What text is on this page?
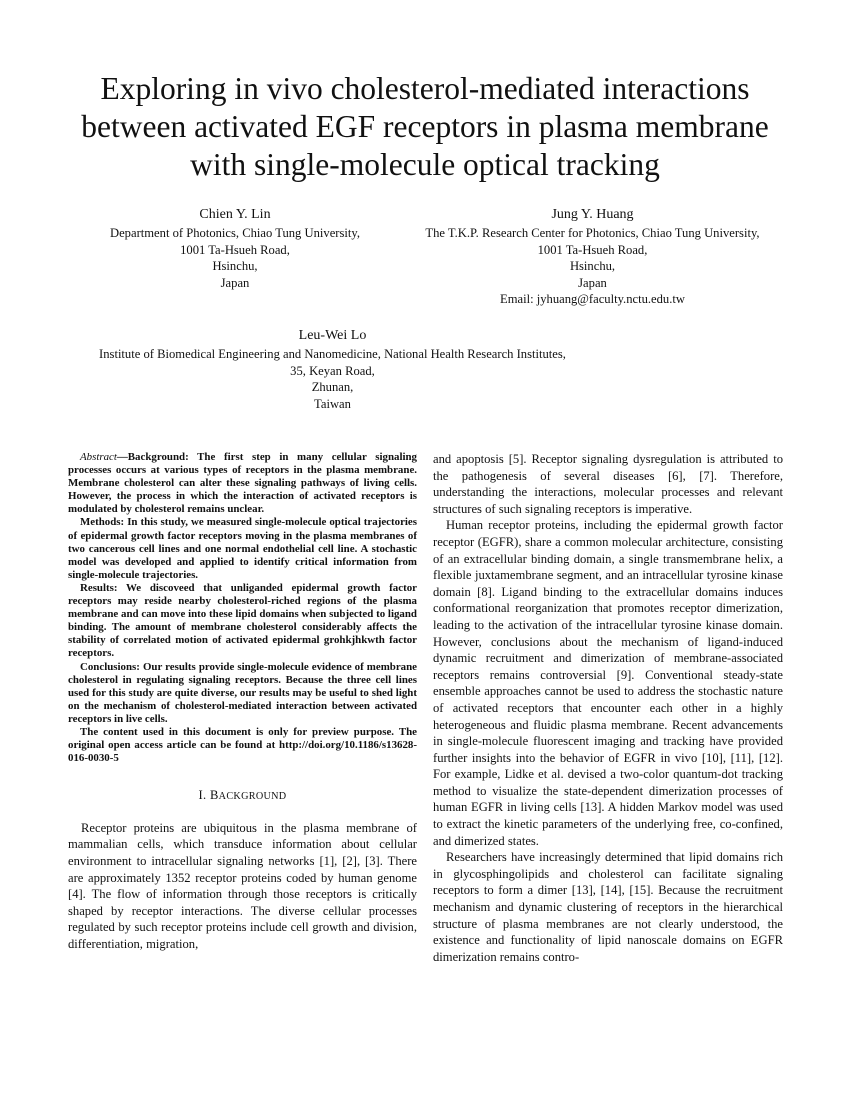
Exploring in vivo cholesterol-mediated interactions between activated EGF receptors in plasma membrane with single-molecule optical tracking
Chien Y. Lin
Department of Photonics, Chiao Tung University,
1001 Ta-Hsueh Road,
Hsinchu,
Japan
Jung Y. Huang
The T.K.P. Research Center for Photonics, Chiao Tung University,
1001 Ta-Hsueh Road,
Hsinchu,
Japan
Email: jyhuang@faculty.nctu.edu.tw
Leu-Wei Lo
Institute of Biomedical Engineering and Nanomedicine, National Health Research Institutes,
35, Keyan Road,
Zhunan,
Taiwan

Abstract—Background: The first step in many cellular signaling processes occurs at various types of receptors in the plasma membrane. Membrane cholesterol can alter these signaling pathways of living cells. However, the process in which the interaction of activated receptors is modulated by cholesterol remains unclear.

Methods: In this study, we measured single-molecule optical trajectories of epidermal growth factor receptors moving in the plasma membranes of two cancerous cell lines and one normal endothelial cell line. A stochastic model was developed and applied to identify critical information from single-molecule trajectories.

Results: We discoveed that unliganded epidermal growth factor receptors may reside nearby cholesterol-riched regions of the plasma membrane and can move into these lipid domains when subjected to ligand binding. The amount of membrane cholesterol considerably affects the stability of correlated motion of activated epidermal grohkjhkwth factor receptors.

Conclusions: Our results provide single-molecule evidence of membrane cholesterol in regulating signaling receptors. Because the three cell lines used for this study are quite diverse, our results may be useful to shed light on the mechanism of cholesterol-mediated interaction between activated receptors in live cells.

The content used in this document is only for preview purpose. The original open access article can be found at http://doi.org/10.1186/s13628-016-0030-5

I. BACKGROUND

Receptor proteins are ubiquitous in the plasma membrane of mammalian cells, which transduce information about cellular environment to intracellular signaling networks [1], [2], [3]. There are approximately 1352 receptor proteins coded by human genome [4]. The flow of information through those receptors is critically shaped by receptor interactions. The diverse cellular processes regulated by such receptor proteins include cell growth and division, differentiation, migration,

and apoptosis [5]. Receptor signaling dysregulation is attributed to the pathogenesis of several diseases [6], [7]. Therefore, understanding the interactions, molecular processes and relevant structures of such signaling receptors is imperative.

Human receptor proteins, including the epidermal growth factor receptor (EGFR), share a common molecular architecture, consisting of an extracellular binding domain, a single transmembrane helix, a flexible juxtamembrane segment, and an intracellular tyrosine kinase domain [8]. Ligand binding to the extracellular domains induces conformational reorganization that promotes receptor dimerization, leading to the activation of the intracellular tyrosine kinase domain. However, conclusions about the mechanism of ligand-induced dynamic recruitment and dimerization of membrane-associated receptors remains controversial [9]. Conventional steady-state ensemble approaches cannot be used to address the stochastic nature of activated receptors that encounter each other in a highly heterogeneous and fluidic plasma membrane. Recent advancements in single-molecule fluorescent imaging and tracking have provided further insights into the behavior of EGFR in vivo [10], [11], [12]. For example, Lidke et al. devised a two-color quantum-dot tracking method to visualize the state-dependent dimerization processes of human EGFR in living cells [13]. A hidden Markov model was used to extract the kinetic parameters of the underlying free, co-confined, and dimerized states.

Researchers have increasingly determined that lipid domains rich in glycosphingolipids and cholesterol can facilitate signaling receptors to form a dimer [13], [14], [15]. Because the recruitment mechanism and dynamic clustering of receptors in the hierarchical structure of plasma membranes are not clearly understood, the existence and functionality of lipid nanoscale domains on EGFR dimerization remains contro-
